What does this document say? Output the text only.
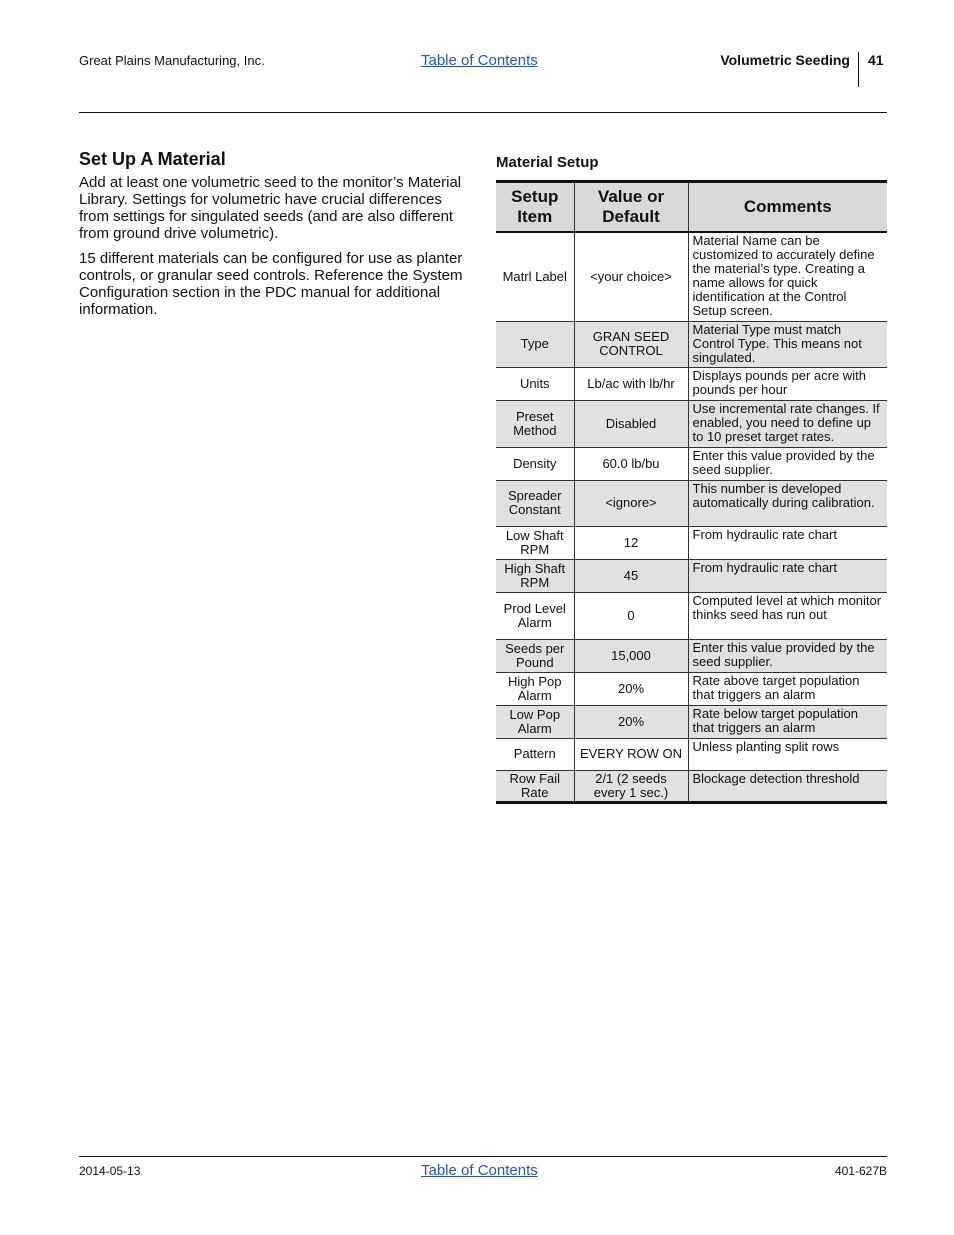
Great Plains Manufacturing, Inc.	Table of Contents	Volumetric Seeding 41
Set Up A Material

Add at least one volumetric seed to the monitor’s Material Library. Settings for volumetric have crucial differences from settings for singulated seeds (and are also different from ground drive volumetric).

15 different materials can be configured for use as planter controls, or granular seed controls. Reference the System Configuration section in the PDC manual for additional information.

Material Setup
Setup Item	Value or Default	Comments
Matrl Label	<your choice>	Material Name can be customized to accurately define the material’s type. Creating a name allows for quick identification at the Control Setup screen.
Type	GRAN SEED CONTROL	Material Type must match Control Type. This means not singulated.
Units	Lb/ac with lb/hr	Displays pounds per acre with pounds per hour
Preset Method	Disabled	Use incremental rate changes. If enabled, you need to define up to 10 preset target rates.
Density	60.0 lb/bu	Enter this value provided by the seed supplier.
Spreader Constant	<ignore>	This number is developed automatically during calibration.
Low Shaft RPM	12	From hydraulic rate chart
High Shaft RPM	45	From hydraulic rate chart
Prod Level Alarm	0	Computed level at which monitor thinks seed has run out
Seeds per Pound	15,000	Enter this value provided by the seed supplier.
High Pop Alarm	20%	Rate above target population that triggers an alarm
Low Pop Alarm	20%	Rate below target population that triggers an alarm
Pattern	EVERY ROW ON	Unless planting split rows
Row Fail Rate	2/1 (2 seeds every 1 sec.)	Blockage detection threshold
2014-05-13	Table of Contents	401-627B
